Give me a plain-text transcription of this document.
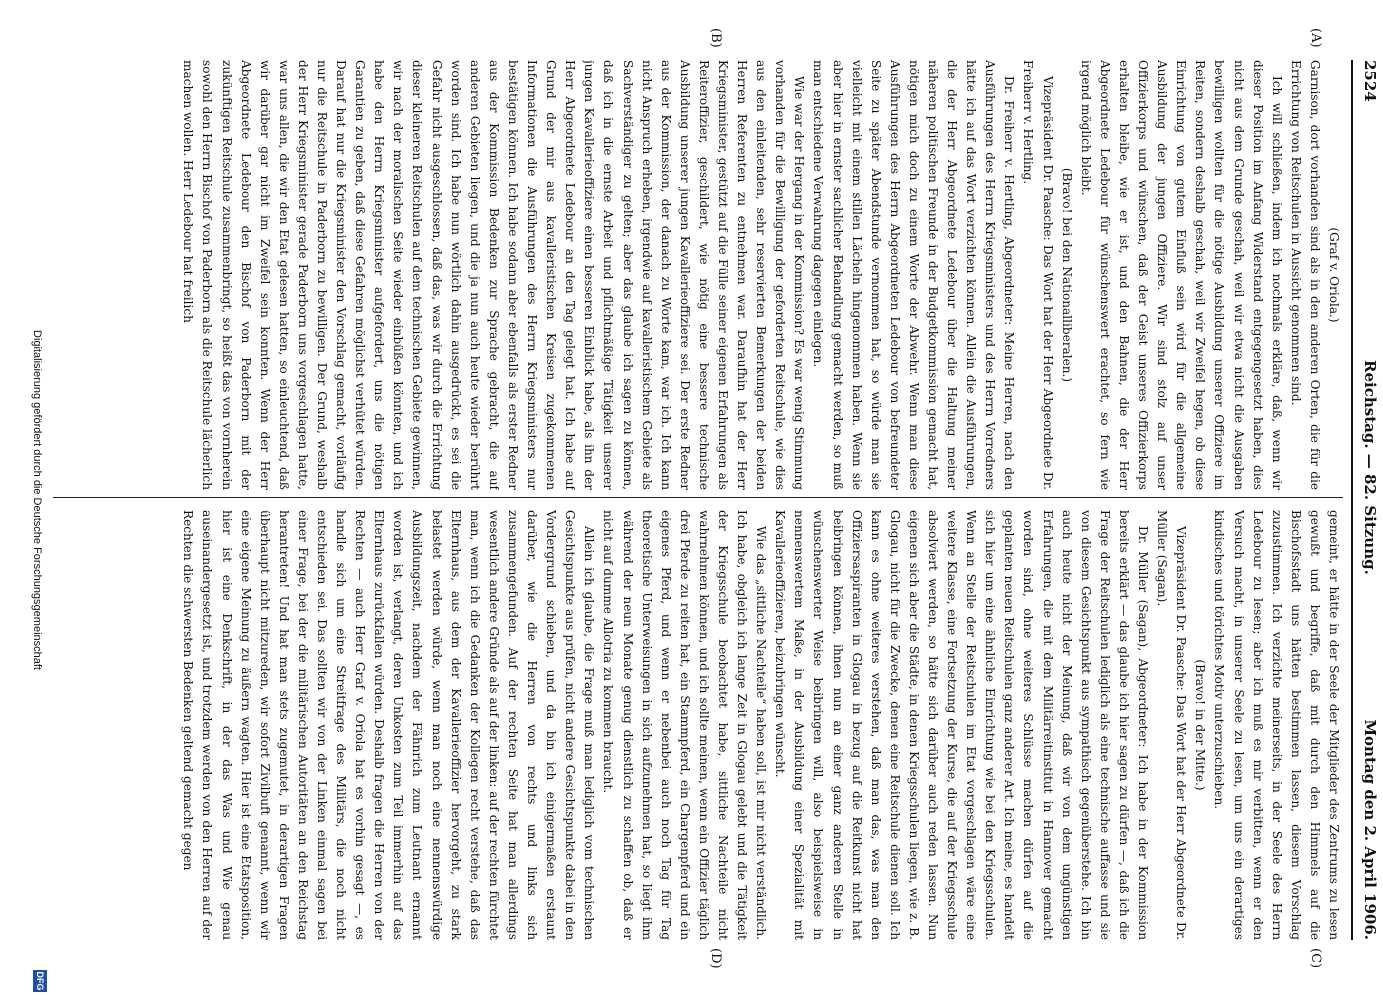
2524
Reichstag. — 82. Sitzung.
Montag den 2. April 1906.
(A)
(B)
(C)
(D)

(Graf v. Oriola.)

Garnison, dort vorhanden sind als in den anderen Orten, die für die Errichtung von Reitschulen in Aussicht genommen sind.

Ich will schließen, indem ich nochmals erkläre, daß, wenn wir dieser Position im Anfang Widerstand entgegengesetzt haben, dies nicht aus dem Grunde geschah, weil wir etwa nicht die Ausgaben bewilligen wollten für die nötige Ausbildung unserer Offiziere im Reiten, sondern deshalb geschah, weil wir Zweifel hegen, ob diese Einrichtung von gutem Einfluß sein wird für die allgemeine Ausbildung der jungen Offiziere. Wir sind stolz auf unser Offizierkorps und wünschen, daß der Geist unseres Offizierkorps erhalten bleibe, wie er ist, und den Bahnen, die der Herr Abgeordnete Ledebour für wünschenswert erachtet, so fern wie irgend möglich bleibt.

(Bravo! bei den Nationalliberalen.)

Vizepräsident Dr. Paasche: Das Wort hat der Herr Abgeordnete Dr. Freiherr v. Hertling.

Dr. Freiherr v. Hertling, Abgeordneter: Meine Herren, nach den Ausführungen des Herrn Kriegsministers und des Herrn Vorredners hätte ich auf das Wort verzichten können. Allein die Ausführungen, die der Herr Abgeordnete Ledebour über die Haltung meiner näheren politischen Freunde in der Budgetkommission gemacht hat, nötigen mich doch zu einem Worte der Abwehr. Wenn man diese Ausführungen des Herrn Abgeordneten Ledebour von befreundeter Seite zu später Abendstunde vernommen hat, so würde man sie vielleicht mit einem stillen Lächeln hingenommen haben. Wenn sie aber hier in ernster sachlicher Behandlung gemacht werden, so muß man entschiedene Verwahrung dagegen einlegen.

Wie war der Hergang in der Kommission? Es war wenig Stimmung vorhanden für die Bewilligung der geforderten Reitschule, wie dies aus den einleitenden, sehr reservierten Bemerkungen der beiden Herren Referenten zu entnehmen war. Daraufhin hat der Herr Kriegsminister, gestützt auf die Fülle seiner eigenen Erfahrungen als Reiteroffizier, geschildert, wie nötig eine bessere technische Ausbildung unserer jungen Kavallerieoffiziere sei. Der erste Redner aus der Kommission, der danach zu Worte kam, war ich. Ich kann nicht Anspruch erheben, irgendwie auf kavalleristischem Gebiete als Sachverständiger zu gelten; aber das glaube ich sagen zu können, daß ich in die ernste Arbeit und pflichtmäßige Tätigkeit unserer jungen Kavallerieoffiziere einen besseren Einblick habe, als ihn der Herr Abgeordnete Ledebour an den Tag gelegt hat. Ich habe auf Grund der mir aus kavalleristischen Kreisen zugekommenen Informationen die Ausführungen des Herrn Kriegsministers nur bestätigen können. Ich habe sodann aber ebenfalls als erster Redner aus der Kommission Bedenken zur Sprache gebracht, die auf anderen Gebieten liegen, und die ja nun auch heute wieder berührt worden sind. Ich habe nun wörtlich dahin ausgedrückt, es sei die Gefahr nicht ausgeschlossen, daß das, was wir durch die Errichtung dieser kleineren Reitschulen auf dem technischen Gebiete gewinnen, wir nach der moralischen Seite wieder einbüßen könnten, und ich habe den Herrn Kriegsminister aufgefordert, uns die nötigen Garantien zu geben, daß diese Gefahren möglichst verhütet würden. Darauf hat nur die Kriegsminister den Vorschlag gemacht, vorläufig nur die Reitschule in Paderborn zu bewilligen. Der Grund, weshalb der Herr Kriegsminister gerade Paderborn uns vorgeschlagen hatte, war uns allen, die wir den Etat gelesen hatten, so einleuchtend, daß wir darüber gar nicht im Zweifel sein konnten. Wenn der Herr Abgeordnete Ledebour den Bischof von Paderborn mit der zukünftigen Reitschule zusammenbringt, so heißt das von vornherein sowohl den Herrn Bischof von Paderborn als die Reitschule lächerlich machen wollen. Herr Ledebour hat freilich

gemeint, er hätte in der Seele der Mitglieder des Zentrums zu lesen gewußt und begriffe, daß mit durch den Himmels auf die Bischofsstadt uns hätten bestimmen lassen, diesem Vorschlag zuzustimmen. Ich verzichte meinerseits, in der Seele des Herrn Ledebour zu lesen; aber ich muß es mir verbitten, wenn er den Versuch macht, in unserer Seele zu lesen, um uns ein derartiges kindisches und törichtes Motiv unterzuschieben.

(Bravo! in der Mitte.)

Vizepräsident Dr. Paasche: Das Wort hat der Herr Abgeordnete Dr. Müller (Sagan).

Dr. Müller (Sagan), Abgeordneter: Ich habe in der Kommission bereits erklärt — das glaube ich hier sagen zu dürfen —, daß ich die Frage der Reitschulen lediglich als eine technische auffasse und sie von diesem Gesichtspunkt aus sympathisch gegenüberstehe. Ich bin auch heute nicht der Meinung, daß wir von dem ungünstigen Erfahrungen, die mit dem Militärreitinstitut in Hannover gemacht worden sind, ohne weiteres Schlüsse machen dürfen auf die geplanten neuen Reitschulen ganz anderer Art. Ich meine, es handelt sich hier um eine ähnliche Einrichtung wie bei den Kriegsschulen. Wenn an Stelle der Reitschulen im Etat vorgeschlagen wäre eine weitere Klasse, eine Fortsetzung der Kurse, die auf der Kriegsschule absolviert werden, so hätte sich darüber auch reden lassen. Nun eigenen sich aber die Städte, in denen Kriegsschulen liegen, wie z. B. Glogau, nicht für die Zwecke, denen eine Reitschule dienen soll. Ich kann es ohne weiteres verstehen, daß man das, was man den Offiziersaspiranten in Glogau in bezug auf die Reitkunst nicht hat beibringen können, ihnen nun an einer ganz anderen Stelle in wünschenswerter Weise beibringen will, also beispielsweise in nennenswertem Maße, in der Ausbildung einer Spezialität mit Kavallerieoffizieren, beizubringen wünscht.

Wie das „sittliche Nachteile“ haben soll, ist mir nicht verständlich. Ich habe, obgleich ich lange Zeit in Glogau gelebt und die Tätigkeit der Kriegsschule beobachtet habe, sittliche Nachteile nicht wahrnehmen können, und ich sollte meinen, wenn ein Offizier täglich drei Pferde zu reiten hat, ein Stammpferd, ein Chargenpferd und ein eigenes Pferd, und wenn er nebenbei auch noch Tag für Tag theoretische Unterweisungen in sich aufzunehmen hat, so liegt ihm während der neun Monate genug dienstlich zu schaffen ob, daß er nicht auf dumme Allotria zu kommen braucht.

Allein ich glaube, die Frage muß man lediglich vom technischen Gesichtspunkte aus prüfen, nicht andere Gesichtspunkte dabei in den Vordergrund schieben, und da bin ich einigermaßen erstaunt darüber, wie die Herren von rechts und links sich zusammengefunden. Auf der rechten Seite hat man allerdings wesentlich andere Gründe als auf der linken: auf der rechten fürchtet man, wenn ich die Gedanken der Kollegen recht verstehe, daß das Elternhaus, aus dem der Kavallerieoffizier hervorgeht, zu stark belastet werden würde, wenn man noch eine nennenswürdige Ausbildungszeit, nachdem der Fähnrich zum Leutnant ernannt worden ist, verlangt, deren Unkosten zum Teil immerhin auf das Elternhaus zurückfallen würden. Deshalb fragen die Herren von der Rechten — auch Herr Graf v. Oriola hat es vorhin gesagt —, es handle sich um eine Streitfrage des Militärs, die noch nicht entschieden sei. Das sollten wir von der Linken einmal sagen bei einer Frage, bei der die militärischen Autoritäten an den Reichstag herantreten! Und hat man stets zugemutet, in derartigen Fragen überhaupt nicht mitzureden, wir sofort Zivilbuft genannt, wenn wir eine eigene Meinung zu äußern wagten. Hier ist eine Etatsposition, hier ist eine Denkschrift, in der das Was und Wie genau auseinandergesetzt ist, und trotzdem werden von den Herren auf der Rechten die schwersten Bedenken geltend gemacht gegen

Digitalisierung gefördert durch die Deutsche Forschungsgemeinschaft
DFG
